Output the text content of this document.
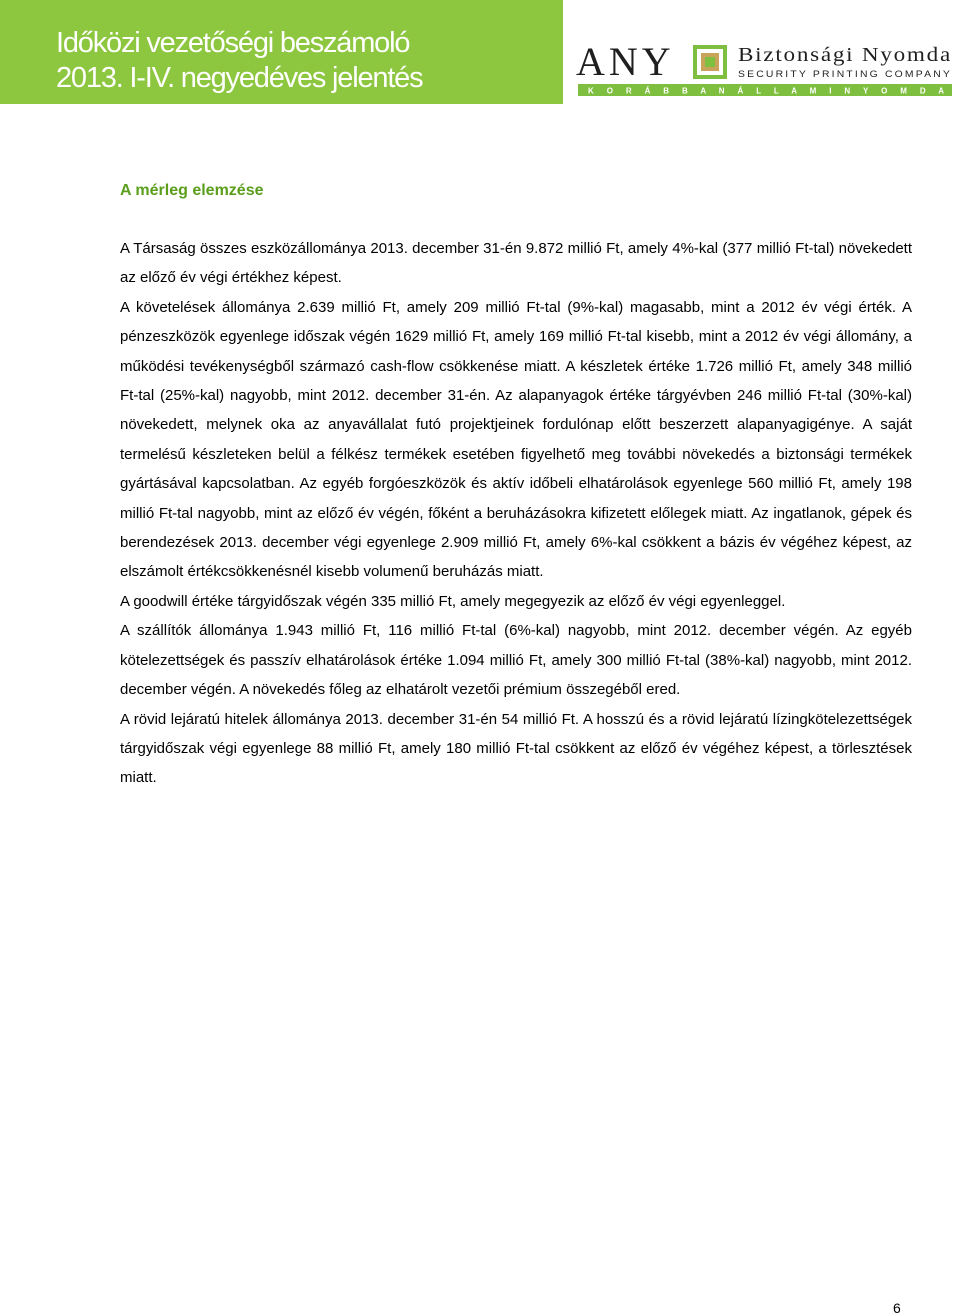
Időközi vezetőségi beszámoló
2013. I-IV. negyedéves jelentés	ANY	Biztonsági Nyomda
SECURITY PRINTING COMPANY
K O R Á B B A N Á L L A M I N Y O M D A
A mérleg elemzése

A Társaság összes eszközállománya 2013. december 31-én 9.872 millió Ft, amely 4%-kal (377 millió Ft-tal) növekedett az előző év végi értékhez képest.

A követelések állománya 2.639 millió Ft, amely 209 millió Ft-tal (9%-kal) magasabb, mint a 2012 év végi érték. A pénzeszközök egyenlege időszak végén 1629 millió Ft, amely 169 millió Ft-tal kisebb, mint a 2012 év végi állomány, a működési tevékenységből származó cash-flow csökkenése miatt. A készletek értéke 1.726 millió Ft, amely 348 millió Ft-tal (25%-kal) nagyobb, mint 2012. december 31-én. Az alapanyagok értéke tárgyévben 246 millió Ft-tal (30%-kal) növekedett, melynek oka az anyavállalat futó projektjeinek fordulónap előtt beszerzett alapanyagigénye. A saját termelésű készleteken belül a félkész termékek esetében figyelhető meg további növekedés a biztonsági termékek gyártásával kapcsolatban. Az egyéb forgóeszközök és aktív időbeli elhatárolások egyenlege 560 millió Ft, amely 198 millió Ft-tal nagyobb, mint az előző év végén, főként a beruházásokra kifizetett előlegek miatt. Az ingatlanok, gépek és berendezések 2013. december végi egyenlege 2.909 millió Ft, amely 6%-kal csökkent a bázis év végéhez képest, az elszámolt értékcsökkenésnél kisebb volumenű beruházás miatt.

A goodwill értéke tárgyidőszak végén 335 millió Ft, amely megegyezik az előző év végi egyenleggel.

A szállítók állománya 1.943 millió Ft, 116 millió Ft-tal (6%-kal) nagyobb, mint 2012. december végén. Az egyéb kötelezettségek és passzív elhatárolások értéke 1.094 millió Ft, amely 300 millió Ft-tal (38%-kal) nagyobb, mint 2012. december végén. A növekedés főleg az elhatárolt vezetői prémium összegéből ered.

A rövid lejáratú hitelek állománya 2013. december 31-én 54 millió Ft. A hosszú és a rövid lejáratú lízingkötelezettségek tárgyidőszak végi egyenlege 88 millió Ft, amely 180 millió Ft-tal csökkent az előző év végéhez képest, a törlesztések miatt.

6
